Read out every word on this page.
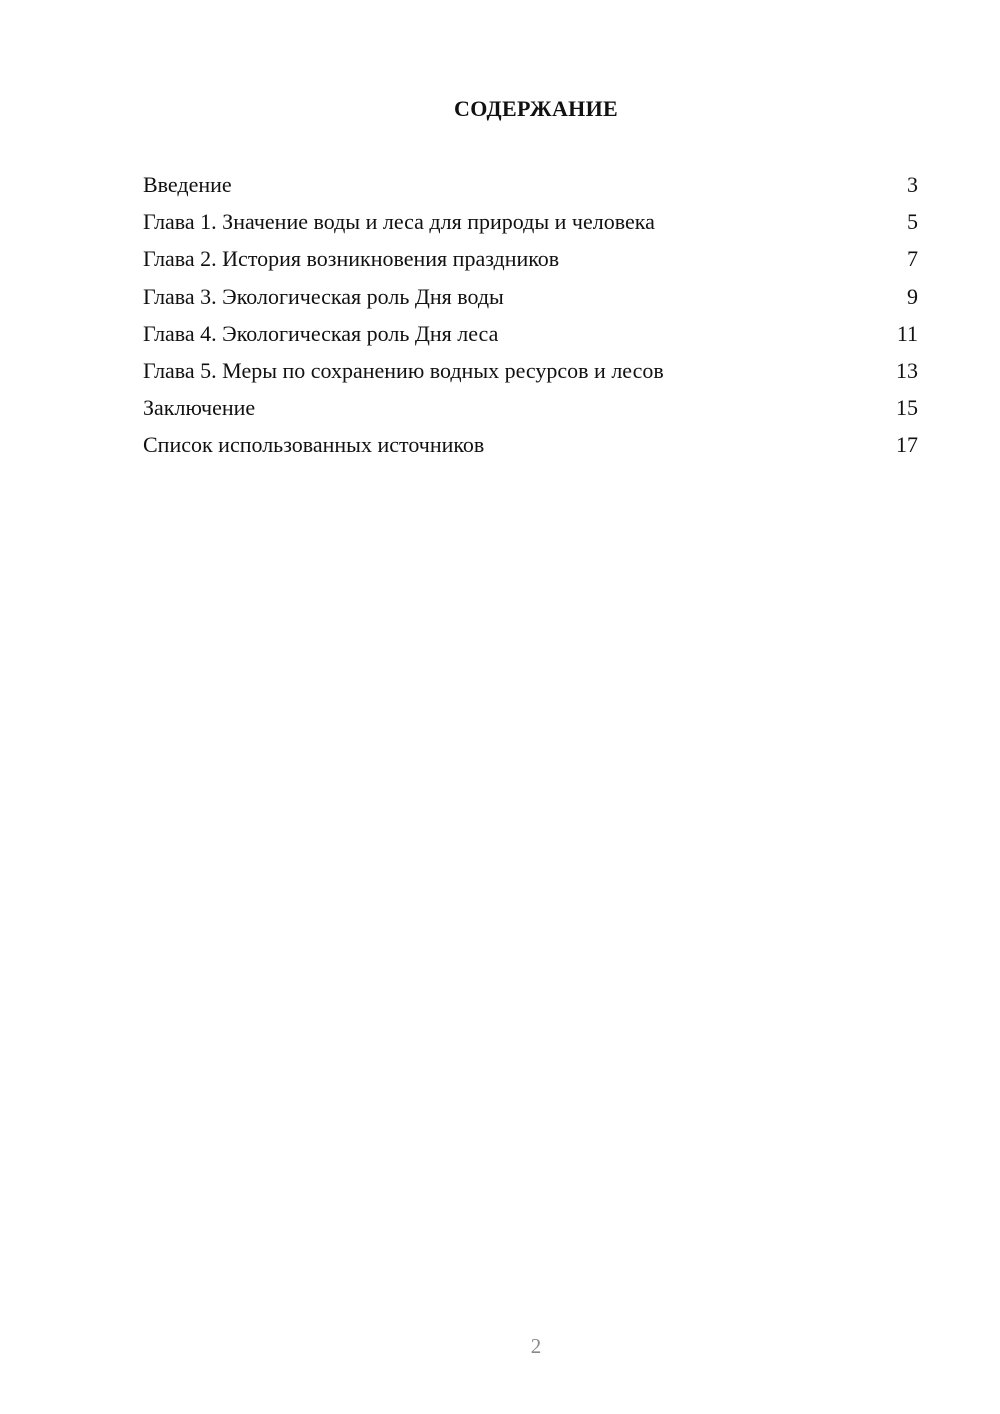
СОДЕРЖАНИЕ
Введение	3
Глава 1. Значение воды и леса для природы и человека	5
Глава 2. История возникновения праздников	7
Глава 3. Экологическая роль Дня воды	9
Глава 4. Экологическая роль Дня леса	11
Глава 5. Меры по сохранению водных ресурсов и лесов	13
Заключение	15
Список использованных источников	17
2
